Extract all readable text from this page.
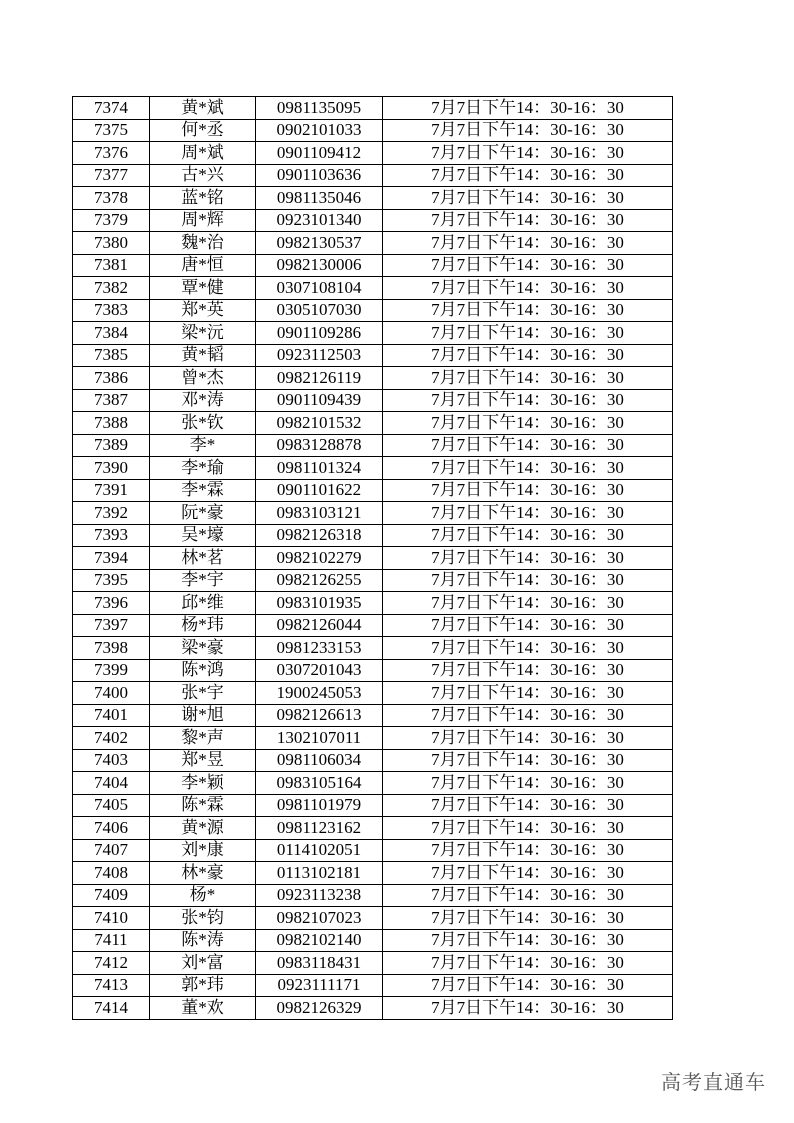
7374	黄*斌	0981135095	7月7日下午14：30-16：30
7375	何*丞	0902101033	7月7日下午14：30-16：30
7376	周*斌	0901109412	7月7日下午14：30-16：30
7377	古*兴	0901103636	7月7日下午14：30-16：30
7378	蓝*铭	0981135046	7月7日下午14：30-16：30
7379	周*辉	0923101340	7月7日下午14：30-16：30
7380	魏*治	0982130537	7月7日下午14：30-16：30
7381	唐*恒	0982130006	7月7日下午14：30-16：30
7382	覃*健	0307108104	7月7日下午14：30-16：30
7383	郑*英	0305107030	7月7日下午14：30-16：30
7384	梁*沅	0901109286	7月7日下午14：30-16：30
7385	黄*韬	0923112503	7月7日下午14：30-16：30
7386	曾*杰	0982126119	7月7日下午14：30-16：30
7387	邓*涛	0901109439	7月7日下午14：30-16：30
7388	张*钦	0982101532	7月7日下午14：30-16：30
7389	李*	0983128878	7月7日下午14：30-16：30
7390	李*瑜	0981101324	7月7日下午14：30-16：30
7391	李*霖	0901101622	7月7日下午14：30-16：30
7392	阮*豪	0983103121	7月7日下午14：30-16：30
7393	吴*壕	0982126318	7月7日下午14：30-16：30
7394	林*茗	0982102279	7月7日下午14：30-16：30
7395	李*宇	0982126255	7月7日下午14：30-16：30
7396	邱*维	0983101935	7月7日下午14：30-16：30
7397	杨*玮	0982126044	7月7日下午14：30-16：30
7398	梁*豪	0981233153	7月7日下午14：30-16：30
7399	陈*鸿	0307201043	7月7日下午14：30-16：30
7400	张*宇	1900245053	7月7日下午14：30-16：30
7401	谢*旭	0982126613	7月7日下午14：30-16：30
7402	黎*声	1302107011	7月7日下午14：30-16：30
7403	郑*昱	0981106034	7月7日下午14：30-16：30
7404	李*颖	0983105164	7月7日下午14：30-16：30
7405	陈*霖	0981101979	7月7日下午14：30-16：30
7406	黄*源	0981123162	7月7日下午14：30-16：30
7407	刘*康	0114102051	7月7日下午14：30-16：30
7408	林*豪	0113102181	7月7日下午14：30-16：30
7409	杨*	0923113238	7月7日下午14：30-16：30
7410	张*钧	0982107023	7月7日下午14：30-16：30
7411	陈*涛	0982102140	7月7日下午14：30-16：30
7412	刘*富	0983118431	7月7日下午14：30-16：30
7413	郭*玮	0923111171	7月7日下午14：30-16：30
7414	董*欢	0982126329	7月7日下午14：30-16：30
高考直通车
